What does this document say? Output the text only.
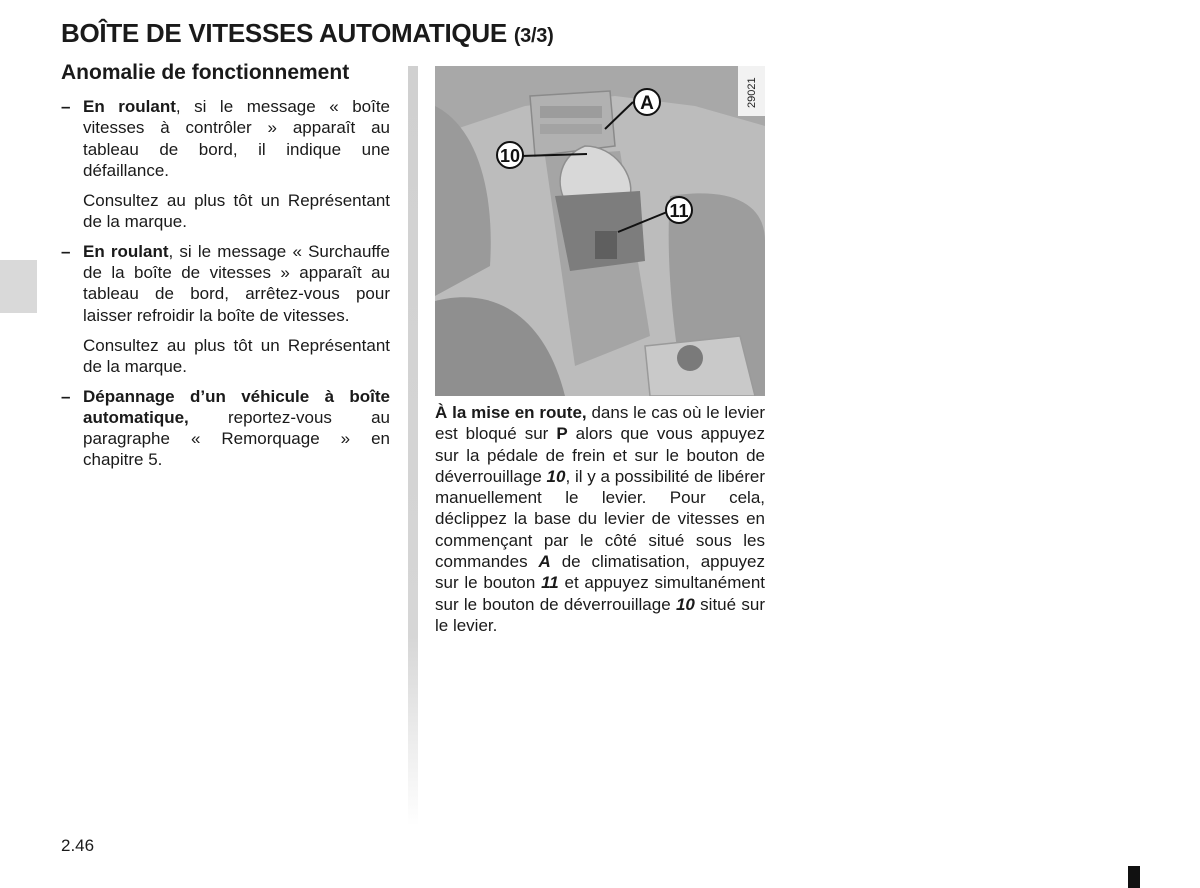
BOÎTE DE VITESSES AUTOMATIQUE (3/3)
Anomalie de fonctionnement
– En roulant, si le message « boîte vitesses à contrôler » apparaît au tableau de bord, il indique une défaillance.

Consultez au plus tôt un Représentant de la marque.

– En roulant, si le message « Surchauffe de la boîte de vitesses » apparaît au tableau de bord, arrêtez-vous pour laisser refroidir la boîte de vitesses.

Consultez au plus tôt un Représentant de la marque.

– Dépannage d’un véhicule à boîte automatique, reportez-vous au paragraphe « Remorquage » en chapitre 5.

29021
A
10
11

À la mise en route, dans le cas où le levier est bloqué sur P alors que vous appuyez sur la pédale de frein et sur le bouton de déverrouillage 10, il y a possibilité de libérer manuellement le levier. Pour cela, déclippez la base du levier de vitesses en commençant par le côté situé sous les commandes A de climatisation, appuyez sur le bouton 11 et appuyez simultanément sur le bouton de déverrouillage 10 situé sur le levier.

2.46
